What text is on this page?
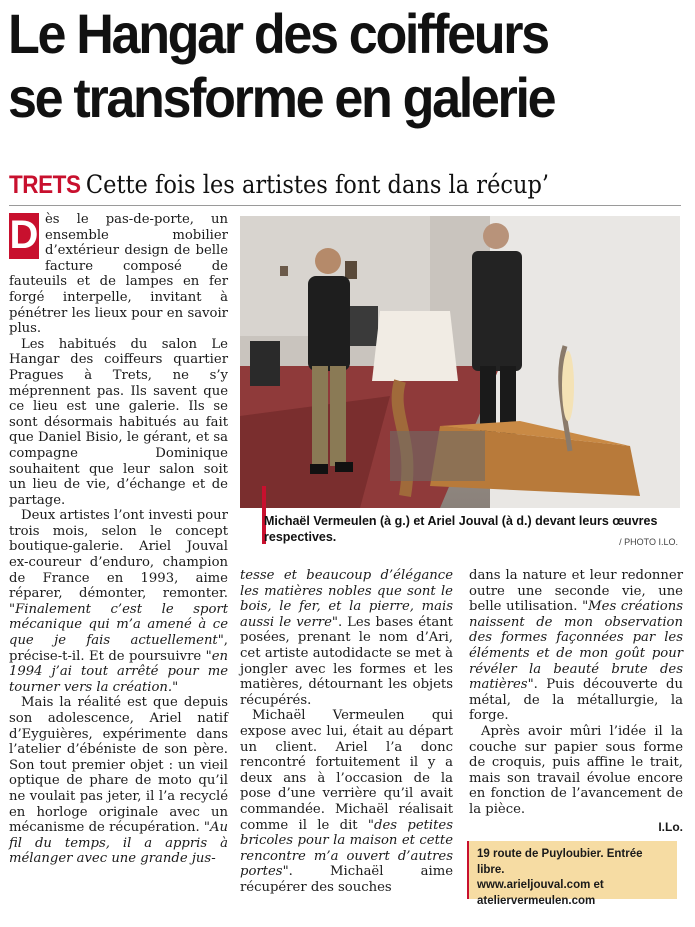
Le Hangar des coiffeurs
se transforme en galerie
TRETS Cette fois les artistes font dans la récup’

D ès le pas-de-porte, un ensemble mobilier d’extérieur design de belle facture composé de fauteuils et de lampes en fer forgé interpelle, invitant à pénétrer les lieux pour en savoir plus.

Les habitués du salon Le Hangar des coiffeurs quartier Pragues à Trets, ne s’y méprennent pas. Ils savent que ce lieu est une galerie. Ils se sont désormais habitués au fait que Daniel Bisio, le gérant, et sa compagne Dominique souhaitent que leur salon soit un lieu de vie, d’échange et de partage.

Deux artistes l’ont investi pour trois mois, selon le concept boutique-galerie. Ariel Jouval ex-coureur d’enduro, champion de France en 1993, aime réparer, démonter, remonter. "Finalement c’est le sport mécanique qui m’a amené à ce que je fais actuellement", précise-t-il. Et de poursuivre "en 1994 j’ai tout arrêté pour me tourner vers la création."

Mais la réalité est que depuis son adolescence, Ariel natif d’Eyguières, expérimente dans l’atelier d’ébéniste de son père. Son tout premier objet : un vieil optique de phare de moto qu’il ne voulait pas jeter, il l’a recyclé en horloge originale avec un mécanisme de récupération. "Au fil du temps, il a appris à mélanger avec une grande jus-

Michaël Vermeulen (à g.) et Ariel Jouval (à d.) devant leurs œuvres respectives.	/ PHOTO I.LO.

tesse et beaucoup d’élégance les matières nobles que sont le bois, le fer, et la pierre, mais aussi le verre". Les bases étant posées, prenant le nom d’Ari, cet artiste autodidacte se met à jongler avec les formes et les matières, détournant les objets récupérés.

Michaël Vermeulen qui expose avec lui, était au départ un client. Ariel l’a donc rencontré fortuitement il y a deux ans à l’occasion de la pose d’une verrière qu’il avait commandée. Michaël réalisait comme il le dit "des petites bricoles pour la maison et cette rencontre m’a ouvert d’autres portes". Michaël aime récupérer des souches

dans la nature et leur redonner outre une seconde vie, une belle utilisation. "Mes créations naissent de mon observation des formes façonnées par les éléments et de mon goût pour révéler la beauté brute des matières". Puis découverte du métal, de la métallurgie, la forge.

Après avoir mûri l’idée il la couche sur papier sous forme de croquis, puis affine le trait, mais son travail évolue encore en fonction de l’avancement de la pièce.

I.Lo.
19 route de Puyloubier. Entrée libre.
www.arieljouval.com et
ateliervermeulen.com
